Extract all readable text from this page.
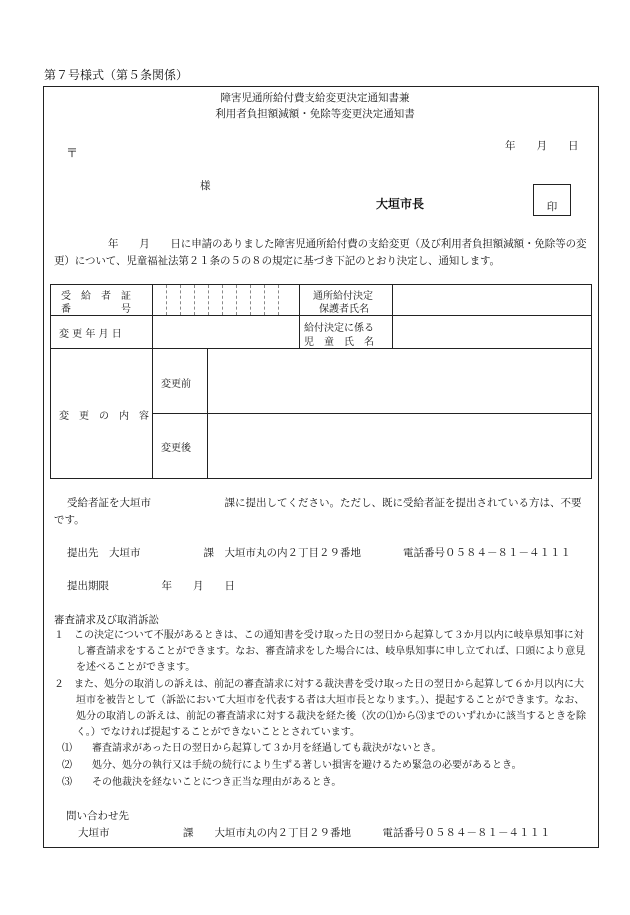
第７号様式（第５条関係）
障害児通所給付費支給変更決定通知書兼
利用者負担額減額・免除等変更決定通知書
〒	年　　月　　日
様
大垣市長	印
年　　月　　日に申請のありました障害児通所給付費の支給変更（及び利用者負担額減額・免除等の変更）について、児童福祉法第２１条の５の８の規定に基づき下記のとおり決定し、通知します。
受　給　者　証
番　　　　　号
通所給付決定
保護者氏名
変 更 年 月 日
給付決定に係る
児　童　氏　名
変　更　の　内　容
変更前
変更後
受給者証を大垣市　　　　　　　課に提出してください。ただし、既に受給者証を提出されている方は、不要です。
提出先　大垣市　　　　　　課　大垣市丸の内２丁目２９番地　　　　電話番号０５８４－８１－４１１１
提出期限　　　　　年　　月　　日
審査請求及び取消訴訟
１　この決定について不服があるときは、この通知書を受け取った日の翌日から起算して３か月以内に岐阜県知事に対し審査請求をすることができます。なお、審査請求をした場合には、岐阜県知事に申し立てれば、口頭により意見を述べることができます。
２　また、処分の取消しの訴えは、前記の審査請求に対する裁決書を受け取った日の翌日から起算して６か月以内に大垣市を被告として（訴訟において大垣市を代表する者は大垣市長となります。）、提起することができます。なお、処分の取消しの訴えは、前記の審査請求に対する裁決を経た後（次の⑴から⑶までのいずれかに該当するときを除く。）でなければ提起することができないこととされています。
⑴　　審査請求があった日の翌日から起算して３か月を経過しても裁決がないとき。
⑵　　処分、処分の執行又は手続の続行により生ずる著しい損害を避けるため緊急の必要があるとき。
⑶　　その他裁決を経ないことにつき正当な理由があるとき。
問い合わせ先
大垣市　　　　　　　課　　大垣市丸の内２丁目２９番地　　　電話番号０５８４－８１－４１１１
